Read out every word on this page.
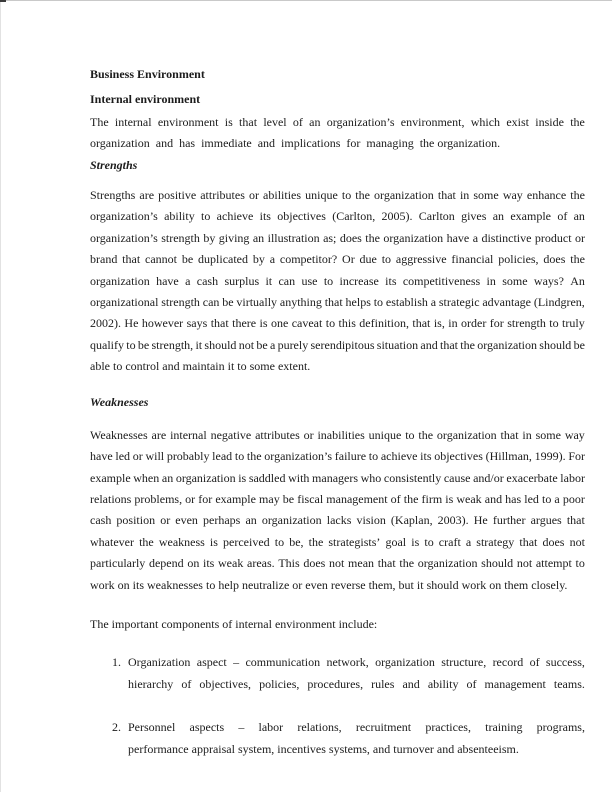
Business Environment
Internal environment
The internal environment is that level of an organization’s environment, which exist inside the
organization  and  has  immediate  and  implications  for  managing  the organization.
Strengths
Strengths are positive attributes or abilities unique to the organization that in some way enhance the
organization’s ability to achieve its objectives (Carlton, 2005). Carlton gives an example of an
organization’s strength by giving an illustration as; does the organization have a distinctive product or
brand that cannot be duplicated by a competitor? Or due to aggressive financial policies, does the
organization have a cash surplus it can use to increase its competitiveness in some ways? An
organizational strength can be virtually anything that helps to establish a strategic advantage (Lindgren,
2002). He however says that there is one caveat to this definition, that is, in order for strength to truly
qualify to be strength, it should not be a purely serendipitous situation and that the organization should be
able to control and maintain it to some extent.
Weaknesses
Weaknesses are internal negative attributes or inabilities unique to the organization that in some way
have led or will probably lead to the organization’s failure to achieve its objectives (Hillman, 1999). For
example when an organization is saddled with managers who consistently cause and/or exacerbate labor
relations problems, or for example may be fiscal management of the firm is weak and has led to a poor
cash position or even perhaps an organization lacks vision (Kaplan, 2003). He further argues that
whatever the weakness is perceived to be, the strategists’ goal is to craft a strategy that does not
particularly depend on its weak areas. This does not mean that the organization should not attempt to
work on its weaknesses to help neutralize or even reverse them, but it should work on them closely.
The important components of internal environment include:
1. Organization aspect – communication network, organization structure, record of success,
hierarchy of objectives, policies, procedures, rules and ability of management teams.
2. Personnel aspects – labor relations, recruitment practices, training programs,
performance appraisal system, incentives systems, and turnover and absenteeism.
